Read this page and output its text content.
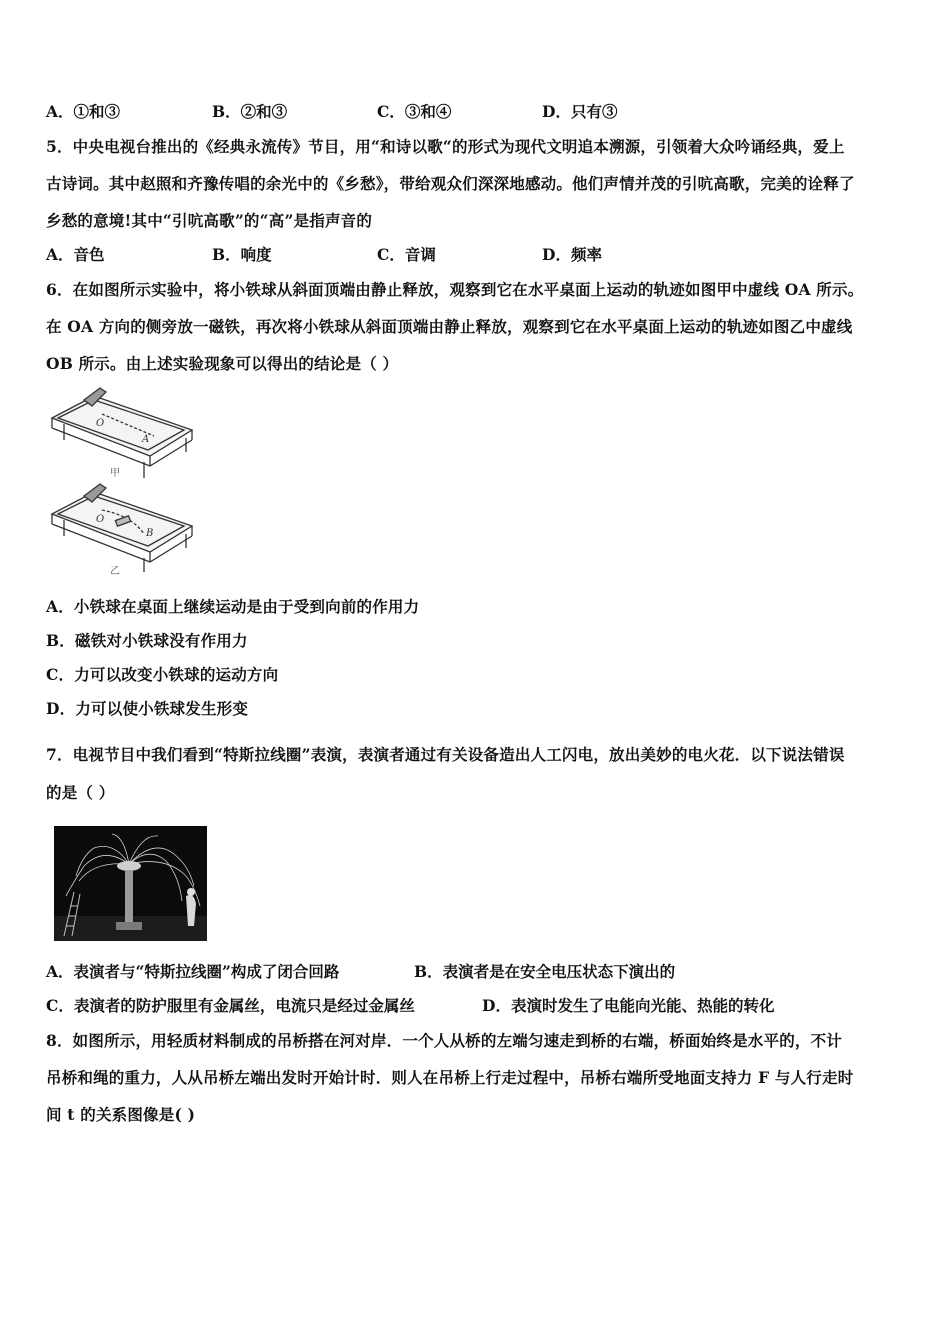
A．①和③	B．②和③	C．③和④	D．只有③
5．中央电视台推出的《经典永流传》节目，用“和诗以歌“的形式为现代文明追本溯源，引领着大众吟诵经典，爱上
古诗词。其中赵照和齐豫传唱的余光中的《乡愁》，带给观众们深深地感动。他们声情并茂的引吭高歌，完美的诠释了
乡愁的意境!其中“引吭高歌”的“高”是指声音的
A．音色	B．响度	C．音调	D．频率
6．在如图所示实验中，将小铁球从斜面顶端由静止释放，观察到它在水平桌面上运动的轨迹如图甲中虚线 OA 所示。
在 OA 方向的侧旁放一磁铁，再次将小铁球从斜面顶端由静止释放，观察到它在水平桌面上运动的轨迹如图乙中虚线
OB 所示。由上述实验现象可以得出的结论是（ ）
O
A
甲
O
B
乙
A．小铁球在桌面上继续运动是由于受到向前的作用力
B．磁铁对小铁球没有作用力
C．力可以改变小铁球的运动方向
D．力可以使小铁球发生形变
7．电视节目中我们看到“特斯拉线圈”表演，表演者通过有关设备造出人工闪电，放出美妙的电火花．以下说法错误
的是（ ）
A．表演者与“特斯拉线圈”构成了闭合回路	B．表演者是在安全电压状态下演出的
C．表演者的防护服里有金属丝，电流只是经过金属丝	D．表演时发生了电能向光能、热能的转化
8．如图所示，用轻质材料制成的吊桥搭在河对岸．一个人从桥的左端匀速走到桥的右端，桥面始终是水平的，不计
吊桥和绳的重力，人从吊桥左端出发时开始计时．则人在吊桥上行走过程中，吊桥右端所受地面支持力 F 与人行走时
间 t 的关系图像是( )
